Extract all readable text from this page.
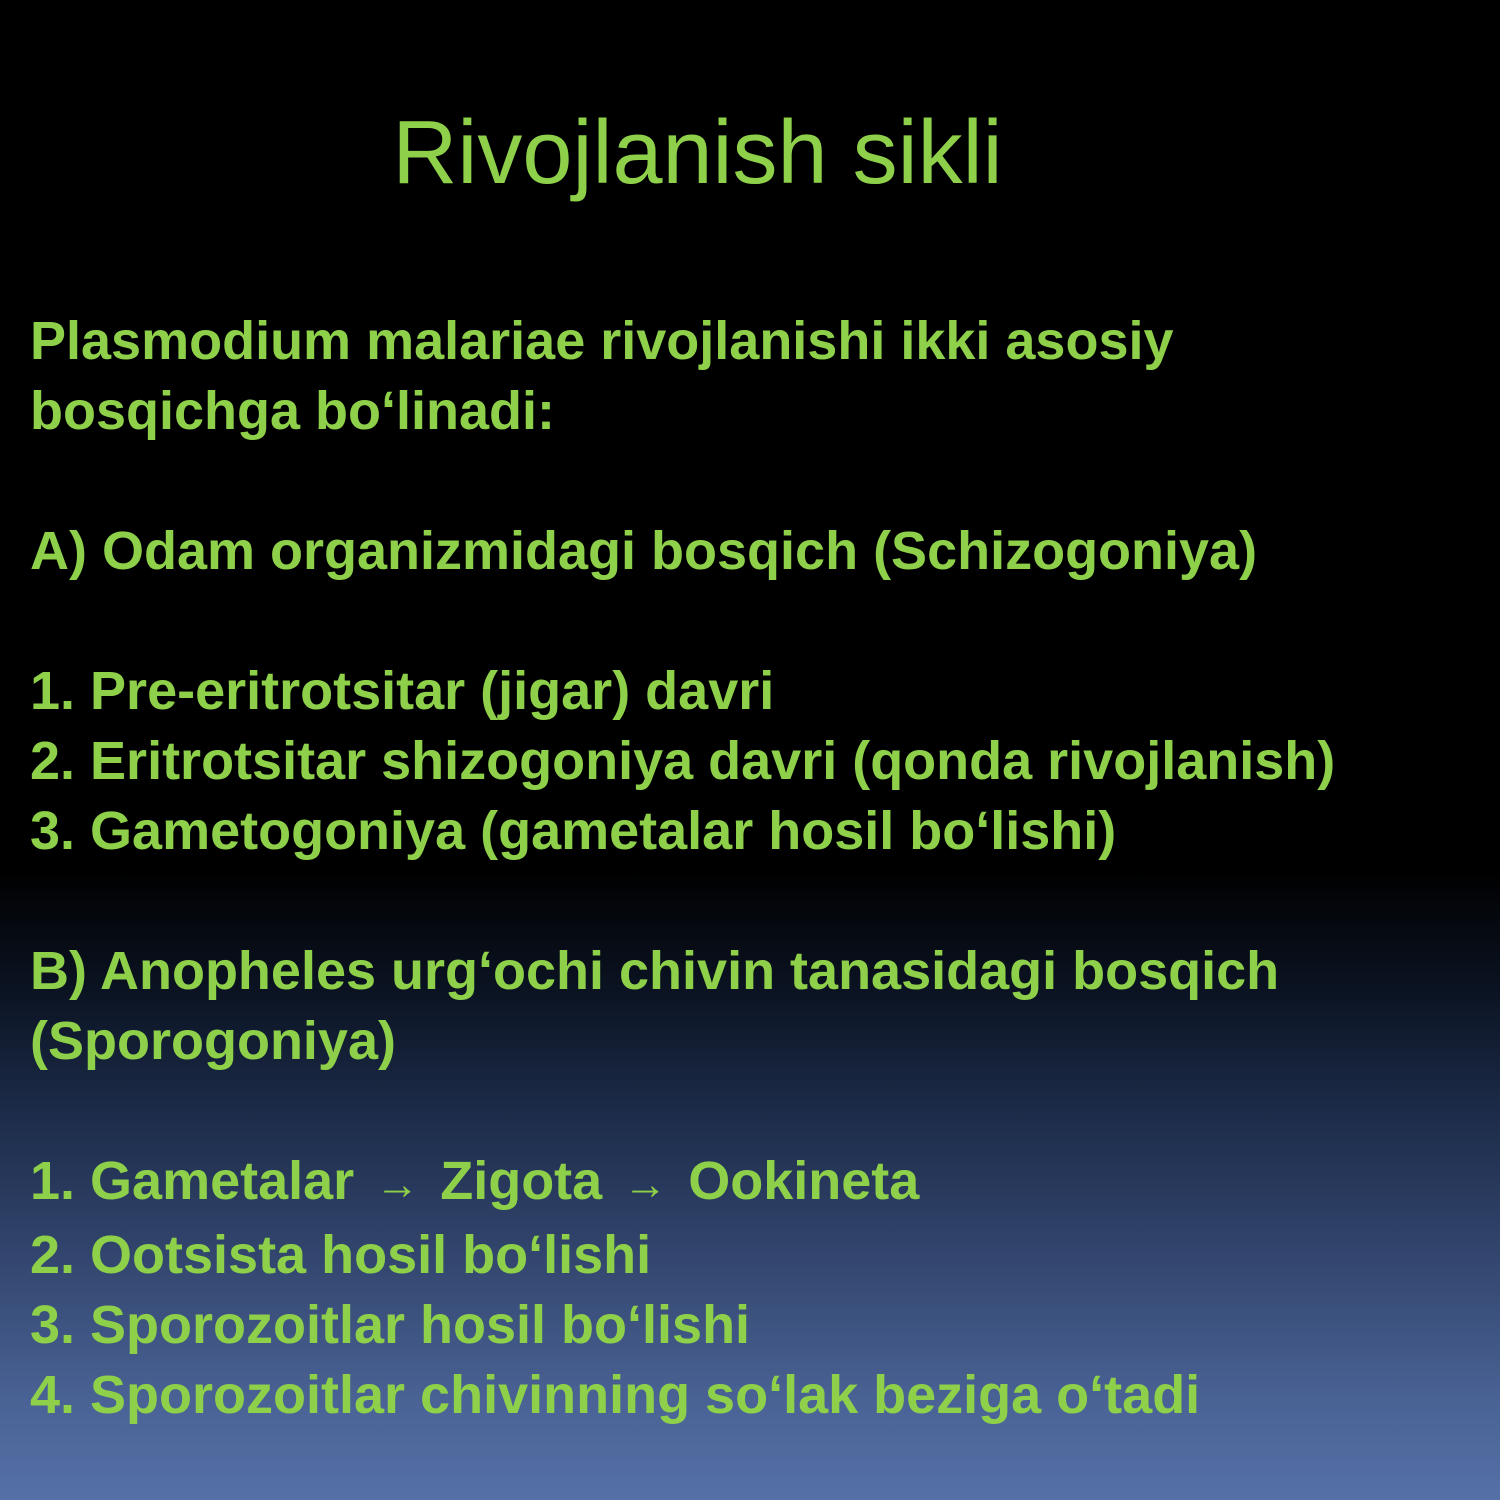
Rivojlanish sikli
Plasmodium malariae rivojlanishi ikki asosiy
bosqichga bo‘linadi:
A) Odam organizmidagi bosqich (Schizogoniya)
1. Pre-eritrotsitar (jigar) davri
2. Eritrotsitar shizogoniya davri (qonda rivojlanish)
3. Gametogoniya (gametalar hosil bo‘lishi)
B) Anopheles urg‘ochi chivin tanasidagi bosqich
(Sporogoniya)
1. Gametalar → Zigota → Ookineta
2. Ootsista hosil bo‘lishi
3. Sporozoitlar hosil bo‘lishi
4. Sporozoitlar chivinning so‘lak beziga o‘tadi
